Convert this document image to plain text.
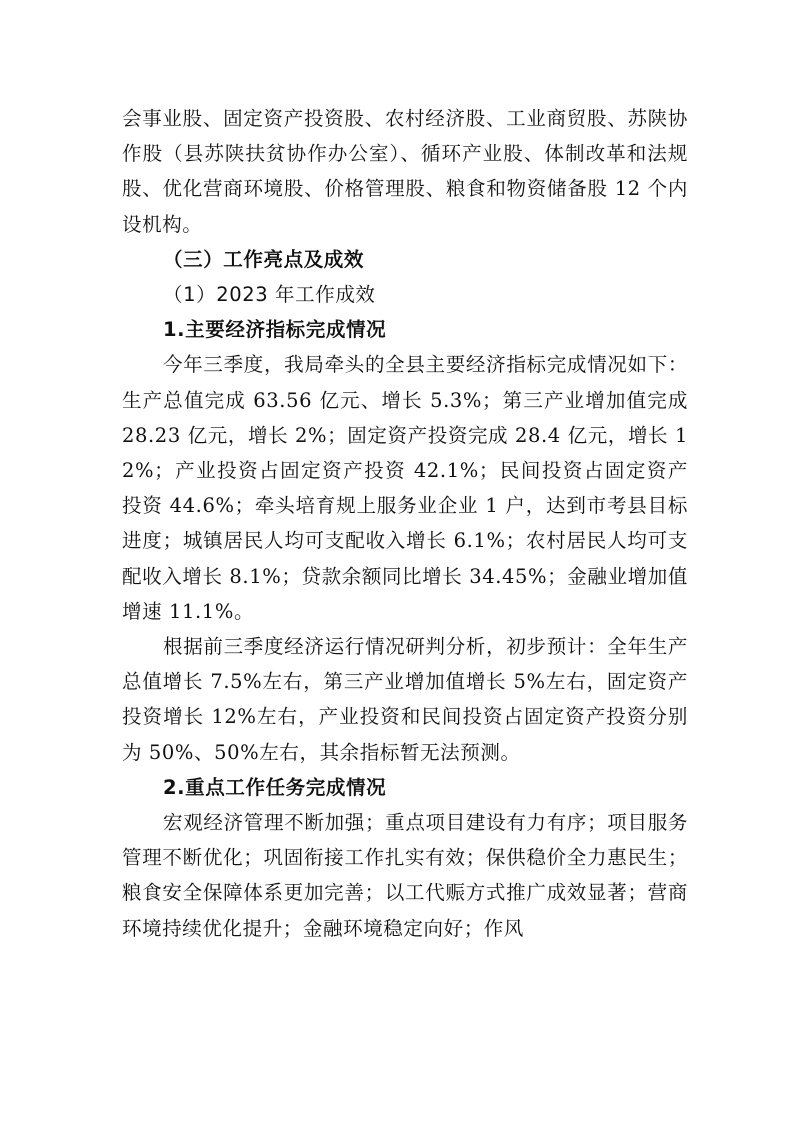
会事业股、固定资产投资股、农村经济股、工业商贸股、苏陕协作股（县苏陕扶贫协作办公室）、循环产业股、体制改革和法规股、优化营商环境股、价格管理股、粮食和物资储备股 12 个内设机构。

（三）工作亮点及成效

（1）2023 年工作成效

1.主要经济指标完成情况

今年三季度，我局牵头的全县主要经济指标完成情况如下：生产总值完成 63.56 亿元、增长 5.3%；第三产业增加值完成 28.23 亿元，增长 2%；固定资产投资完成 28.4 亿元，增长 12%；产业投资占固定资产投资 42.1%；民间投资占固定资产投资 44.6%；牵头培育规上服务业企业 1 户，达到市考县目标进度；城镇居民人均可支配收入增长 6.1%；农村居民人均可支配收入增长 8.1%；贷款余额同比增长 34.45%；金融业增加值增速 11.1%。

根据前三季度经济运行情况研判分析，初步预计：全年生产总值增长 7.5%左右，第三产业增加值增长 5%左右，固定资产投资增长 12%左右，产业投资和民间投资占固定资产投资分别为 50%、50%左右，其余指标暂无法预测。

2.重点工作任务完成情况

宏观经济管理不断加强；重点项目建设有力有序；项目服务管理不断优化；巩固衔接工作扎实有效；保供稳价全力惠民生；粮食安全保障体系更加完善；以工代赈方式推广成效显著；营商环境持续优化提升；金融环境稳定向好；作风
